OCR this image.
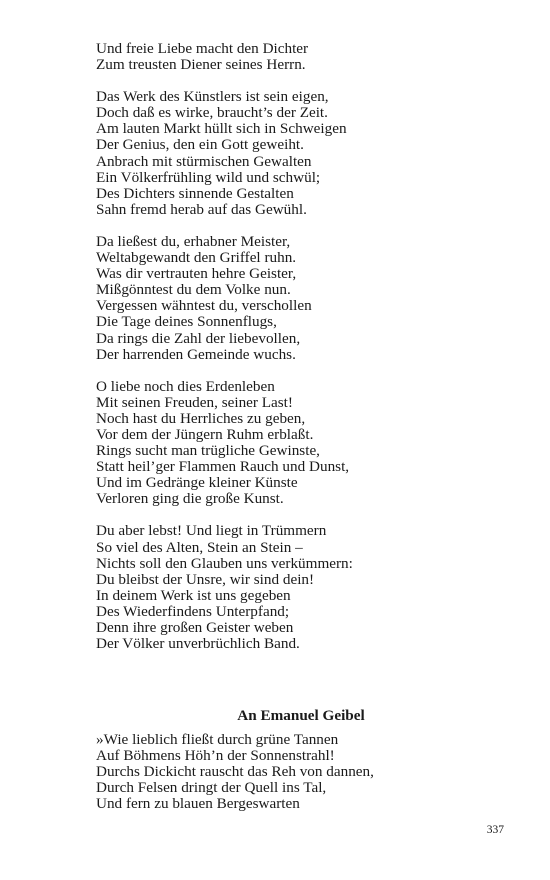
Und freie Liebe macht den Dichter
Zum treusten Diener seines Herrn.
Das Werk des Künstlers ist sein eigen,
Doch daß es wirke, braucht’s der Zeit.
Am lauten Markt hüllt sich in Schweigen
Der Genius, den ein Gott geweiht.
Anbrach mit stürmischen Gewalten
Ein Völkerfrühling wild und schwül;
Des Dichters sinnende Gestalten
Sahn fremd herab auf das Gewühl.
Da ließest du, erhabner Meister,
Weltabgewandt den Griffel ruhn.
Was dir vertrauten hehre Geister,
Mißgönntest du dem Volke nun.
Vergessen wähntest du, verschollen
Die Tage deines Sonnenflugs,
Da rings die Zahl der liebevollen,
Der harrenden Gemeinde wuchs.
O liebe noch dies Erdenleben
Mit seinen Freuden, seiner Last!
Noch hast du Herrliches zu geben,
Vor dem der Jüngern Ruhm erblaßt.
Rings sucht man trügliche Gewinste,
Statt heil’ger Flammen Rauch und Dunst,
Und im Gedränge kleiner Künste
Verloren ging die große Kunst.
Du aber lebst! Und liegt in Trümmern
So viel des Alten, Stein an Stein –
Nichts soll den Glauben uns verkümmern:
Du bleibst der Unsre, wir sind dein!
In deinem Werk ist uns gegeben
Des Wiederfindens Unterpfand;
Denn ihre großen Geister weben
Der Völker unverbrüchlich Band.
An Emanuel Geibel
»Wie lieblich fließt durch grüne Tannen
Auf Böhmens Höh’n der Sonnenstrahl!
Durchs Dickicht rauscht das Reh von dannen,
Durch Felsen dringt der Quell ins Tal,
Und fern zu blauen Bergeswarten
337
